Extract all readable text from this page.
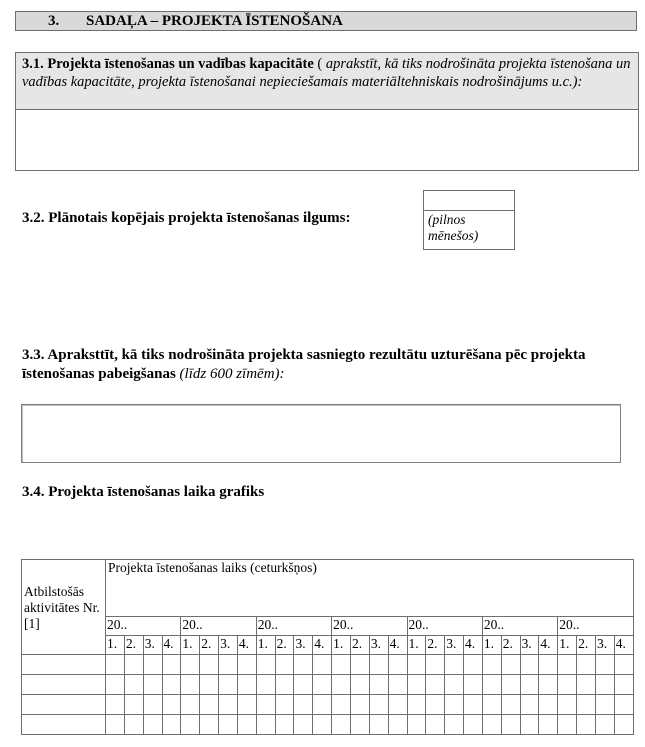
3. SADAĻA – PROJEKTA ĪSTENOŠANA
3.1. Projekta īstenošanas un vadības kapacitāte ( aprakstīt, kā tiks nodrošināta projekta īstenošana un vadības kapacitāte, projekta īstenošanai nepieciešamais materiāltehniskais nodrošinājums u.c.):
3.2. Plānotais kopējais projekta īstenošanas ilgums:	(pilnos mēnešos)
3.3. Apraksttīt, kā tiks nodrošināta projekta sasniegto rezultātu uzturēšana pēc projekta īstenošanas pabeigšanas (līdz 600 zīmēm):
3.4. Projekta īstenošanas laika grafiks
Atbilstošās aktivitātes Nr. [1]	Projekta īstenošanas laiks (ceturkšņos)																											
	20..				20..				20..				20..				20..				20..				20..			
	1.	2.	3.	4.	1.	2.	3.	4.	1.	2.	3.	4.	1.	2.	3.	4.	1.	2.	3.	4.	1.	2.	3.	4.	1.	2.	3.	4.
